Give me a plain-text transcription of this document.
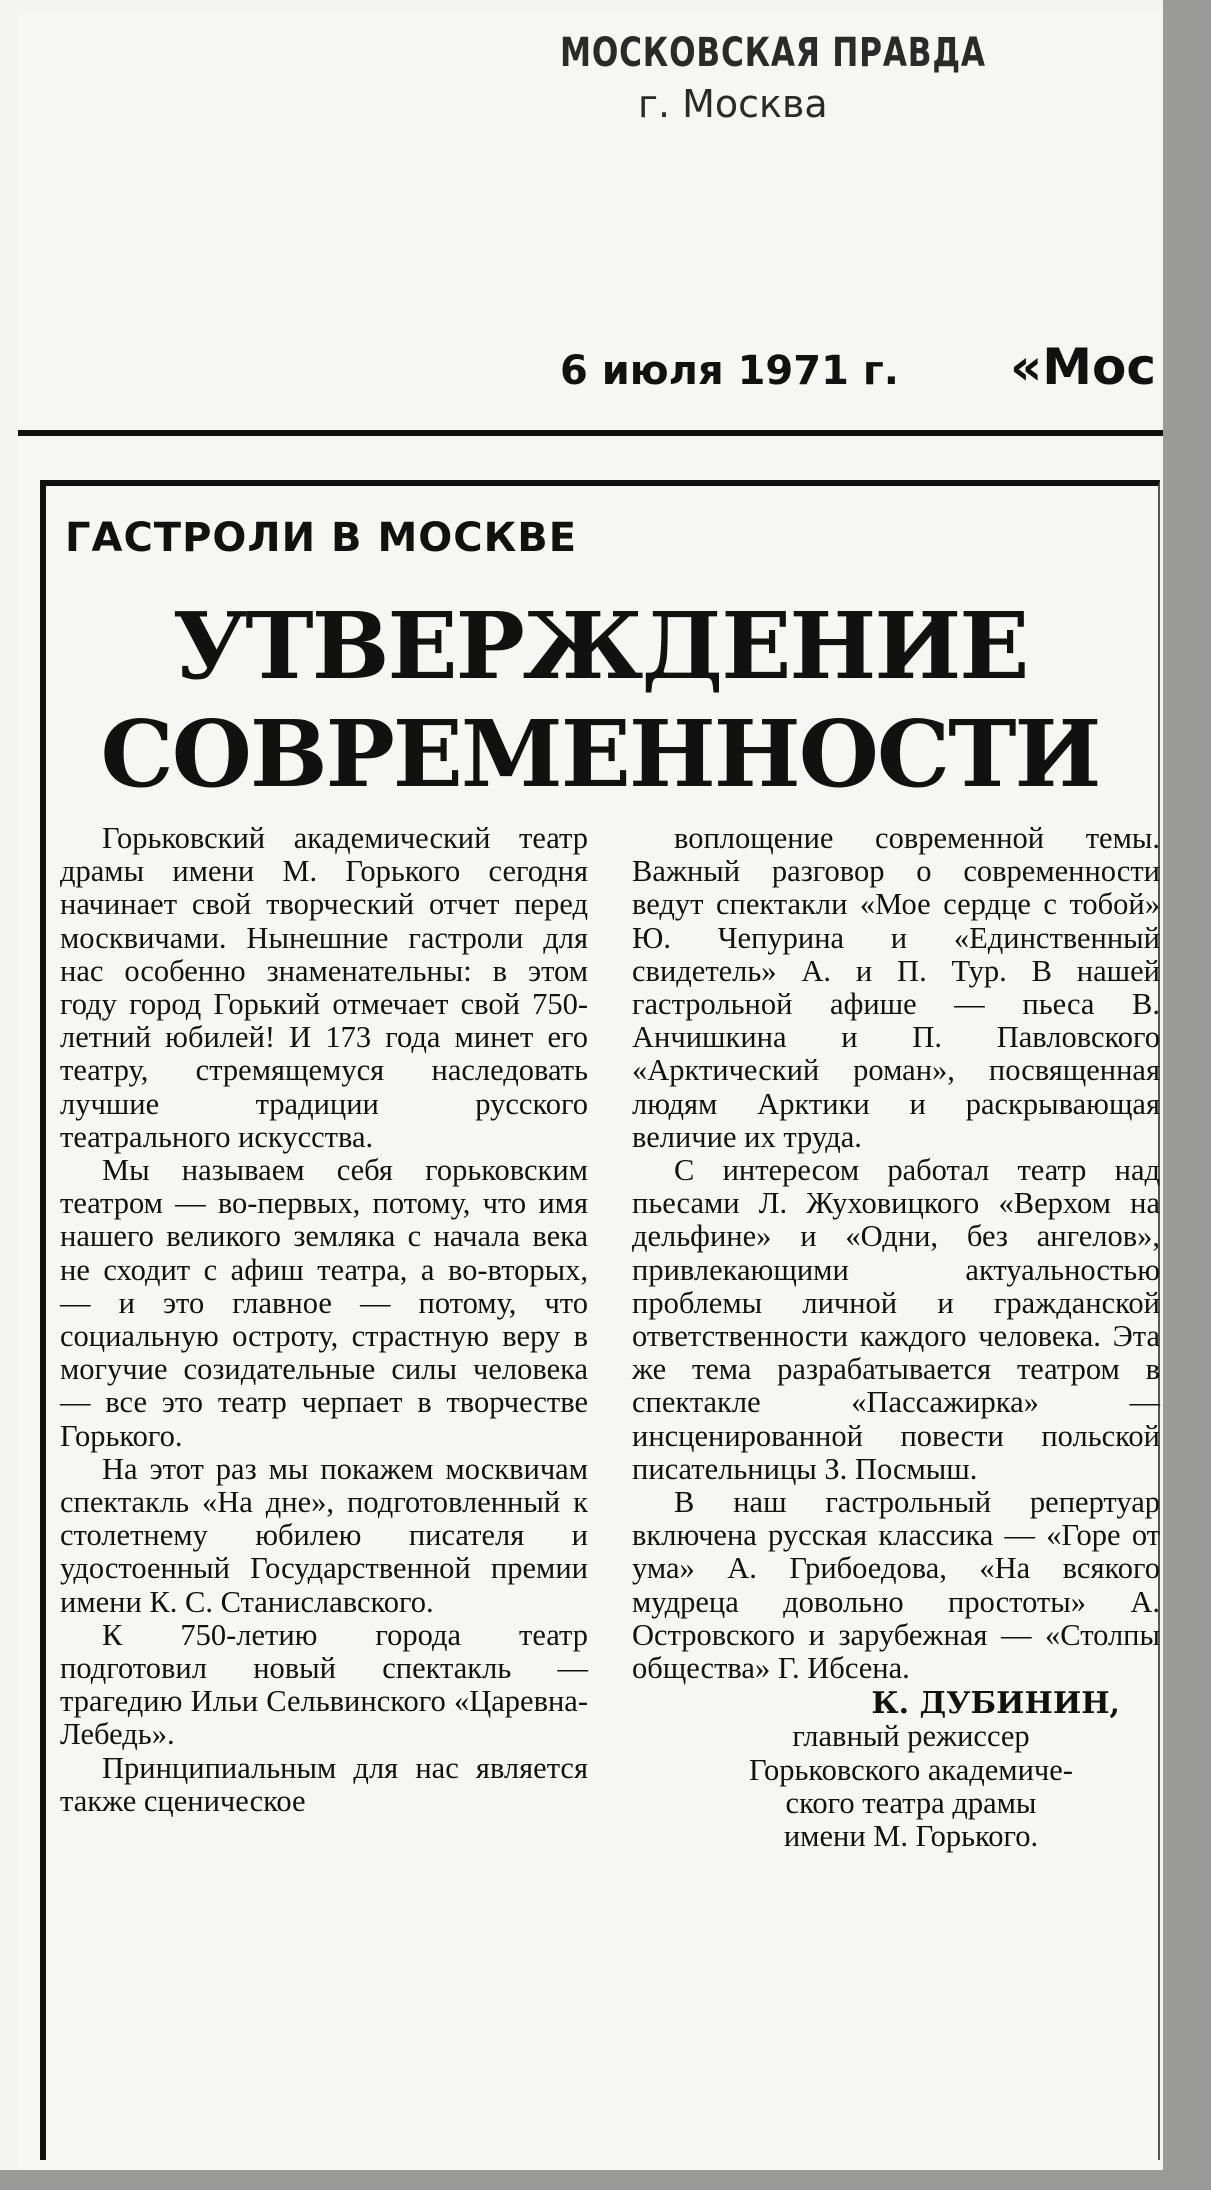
МОСКОВСКАЯ ПРАВДА
г. Москва
6 июля 1971 г. «Мос
ГАСТРОЛИ В МОСКВЕ
УТВЕРЖДЕНИЕ
СОВРЕМЕННОСТИ

Горьковский академический театр драмы имени М. Горького сегодня начинает свой творческий отчет перед москвичами. Нынешние гастроли для нас особенно знаменательны: в этом году город Горький отмечает свой 750-летний юбилей! И 173 года минет его театру, стремящемуся наследовать лучшие традиции русского театрального искусства.

Мы называем себя горьковским театром — во-первых, потому, что имя нашего великого земляка с начала века не сходит с афиш театра, а во-вторых, — и это главное — потому, что социальную остроту, страстную веру в могучие созидательные силы человека — все это театр черпает в творчестве Горького.

На этот раз мы покажем москвичам спектакль «На дне», подготовленный к столетнему юбилею писателя и удостоенный Государственной премии имени К. С. Станиславского.

К 750-летию города театр подготовил новый спектакль — трагедию Ильи Сельвинского «Царевна-Лебедь».

Принципиальным для нас является также сценическое

воплощение современной темы. Важный разговор о современности ведут спектакли «Мое сердце с тобой» Ю. Чепурина и «Единственный свидетель» А. и П. Тур. В нашей гастрольной афише — пьеса В. Анчишкина и П. Павловского «Арктический роман», посвященная людям Арктики и раскрывающая величие их труда.

С интересом работал театр над пьесами Л. Жуховицкого «Верхом на дельфине» и «Одни, без ангелов», привлекающими актуальностью проблемы личной и гражданской ответственности каждого человека. Эта же тема разрабатывается театром в спектакле «Пассажирка» — инсценированной повести польской писательницы З. Посмыш.

В наш гастрольный репертуар включена русская классика — «Горе от ума» А. Грибоедова, «На всякого мудреца довольно простоты» А. Островского и зарубежная — «Столпы общества» Г. Ибсена.

К. ДУБИНИН,
главный режиссер
Горьковского академиче-
ского театра драмы
имени М. Горького.
